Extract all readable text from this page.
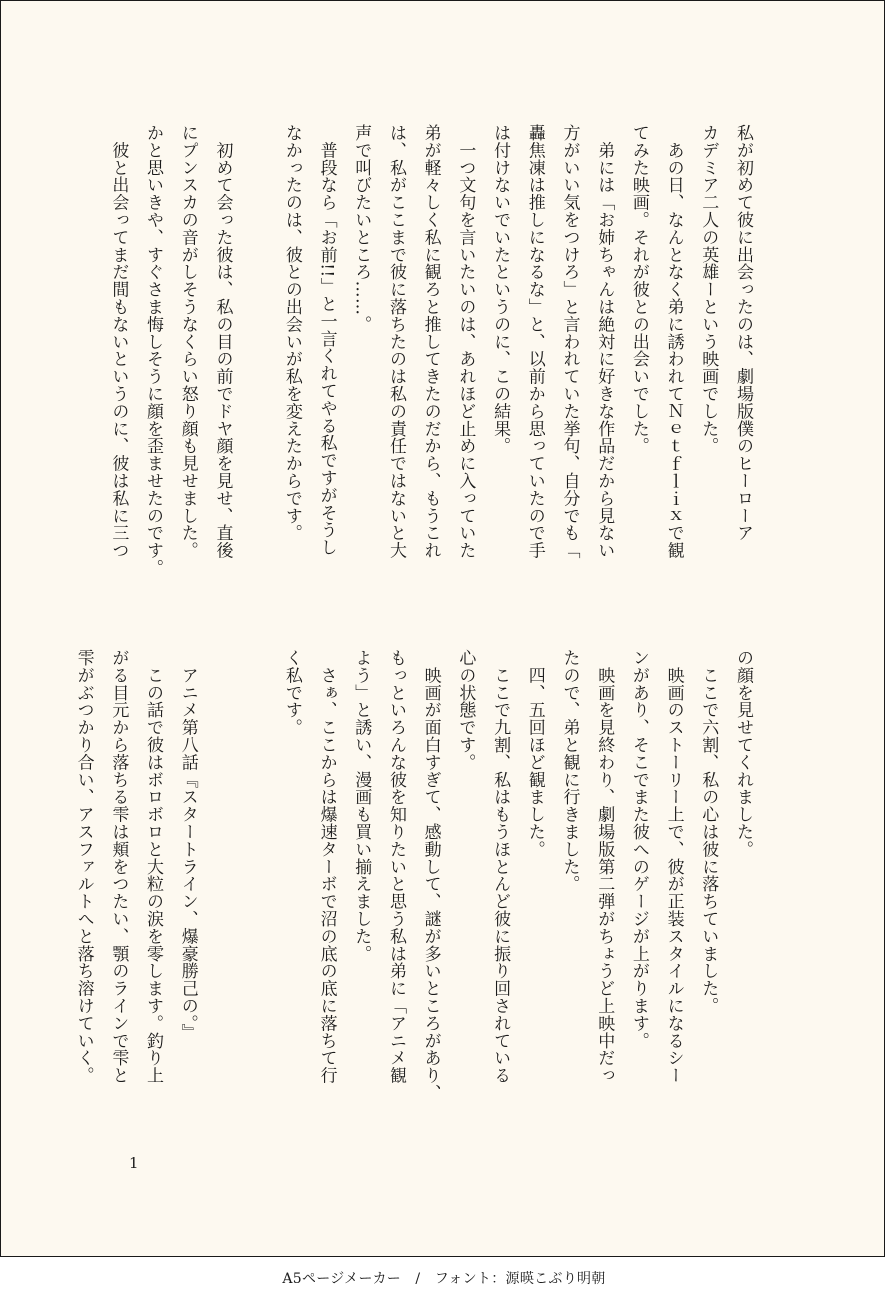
私が初めて彼に出会ったのは、劇場版僕のヒーローア
カデミア二人の英雄ーという映画でした。
　あの日、なんとなく弟に誘われてＮｅｔｆｌｉｘで観
てみた映画。それが彼との出会いでした。
　弟には「お姉ちゃんは絶対に好きな作品だから見ない
方がいい気をつけろ」と言われていた挙句、自分でも「
轟焦凍は推しになるな」と、以前から思っていたので手
は付けないでいたというのに、この結果。
　一つ文句を言いたいのは、あれほど止めに入っていた
弟が軽々しく私に観ろと推してきたのだから、もうこれ
は、私がここまで彼に落ちたのは私の責任ではないと大
声で叫びたいところ……。
　普段なら「お前!!」と一言くれてやる私ですがそうし
なかったのは、彼との出会いが私を変えたからです。

　初めて会った彼は、私の目の前でドヤ顔を見せ、直後
にプンスカの音がしそうなくらい怒り顔も見せました。
かと思いきや、すぐさま悔しそうに顔を歪ませたのです。
　彼と出会ってまだ間もないというのに、彼は私に三つ
の顔を見せてくれました。
　ここで六割、私の心は彼に落ちていました。
　映画のストーリー上で、彼が正装スタイルになるシー
ンがあり、そこでまた彼へのゲージが上がります。
　映画を見終わり、劇場版第二弾がちょうど上映中だっ
たので、弟と観に行きました。
　四、五回ほど観ました。
　ここで九割、私はもうほとんど彼に振り回されている
心の状態です。
　映画が面白すぎて、感動して、謎が多いところがあり、
もっといろんな彼を知りたいと思う私は弟に「アニメ観
よう」と誘い、漫画も買い揃えました。
　さぁ、ここからは爆速ターボで沼の底の底に落ちて行
く私です。

　アニメ第八話『スタートライン、爆豪勝己の。』
　この話で彼はボロボロと大粒の涙を零します。釣り上
がる目元から落ちる雫は頬をつたい、顎のラインで雫と
雫がぶつかり合い、アスファルトへと落ち溶けていく。
1
A5ページメーカー　/　フォント：源暎こぶり明朝
